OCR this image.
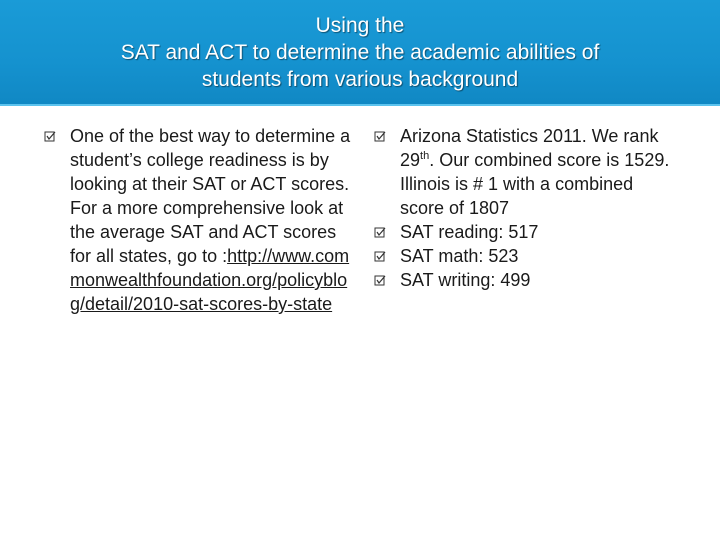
Using the
SAT and ACT to determine the academic abilities of
students from various background
One of the best way to determine a student’s college readiness is by looking at their SAT or ACT scores. For a more comprehensive look at the average SAT and ACT scores for all states, go to :http://www.commonwealthfoundation.org/policyblog/detail/2010-sat-scores-by-state
Arizona Statistics 2011. We rank 29th. Our combined score is 1529. Illinois is # 1 with a combined score of 1807
SAT reading: 517
SAT math: 523
SAT writing: 499
